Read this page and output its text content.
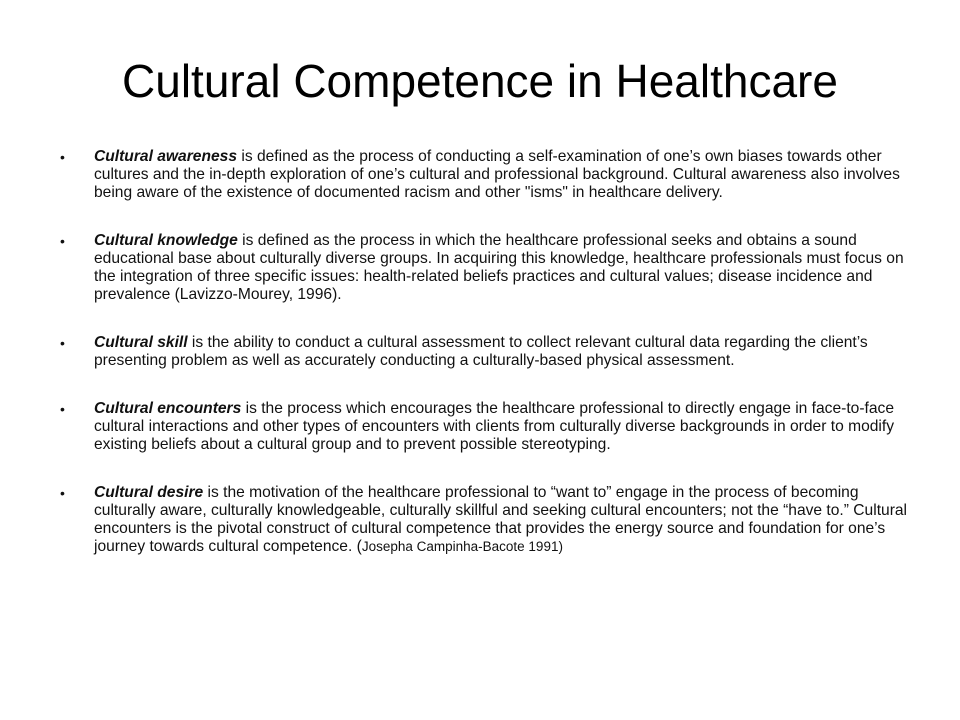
Cultural Competence in Healthcare
• Cultural awareness is defined as the process of conducting a self-examination of one’s own biases towards other cultures and the in-depth exploration of one’s cultural and professional background. Cultural awareness also involves being aware of the existence of documented racism and other "isms" in healthcare delivery.
• Cultural knowledge is defined as the process in which the healthcare professional seeks and obtains a sound educational base about culturally diverse groups. In acquiring this knowledge, healthcare professionals must focus on the integration of three specific issues: health-related beliefs practices and cultural values; disease incidence and prevalence (Lavizzo-Mourey, 1996).
• Cultural skill is the ability to conduct a cultural assessment to collect relevant cultural data regarding the client’s presenting problem as well as accurately conducting a culturally-based physical assessment.
• Cultural encounters is the process which encourages the healthcare professional to directly engage in face-to-face cultural interactions and other types of encounters with clients from culturally diverse backgrounds in order to modify existing beliefs about a cultural group and to prevent possible stereotyping.
• Cultural desire is the motivation of the healthcare professional to “want to” engage in the process of becoming culturally aware, culturally knowledgeable, culturally skillful and seeking cultural encounters; not the “have to.” Cultural encounters is the pivotal construct of cultural competence that provides the energy source and foundation for one’s journey towards cultural competence. (Josepha Campinha-Bacote 1991)
